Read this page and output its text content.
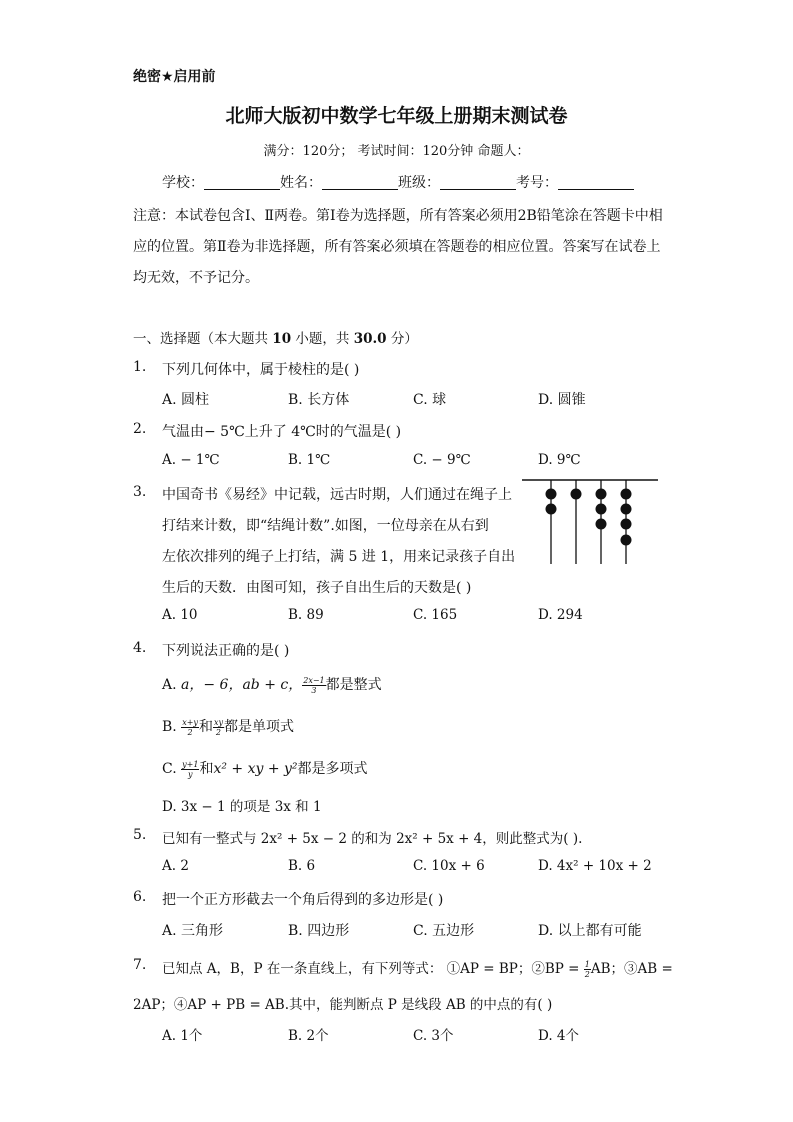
绝密★启用前
北师大版初中数学七年级上册期末测试卷
满分：120分； 考试时间：120分钟 命题人：
学校：	姓名：	班级：	考号：
注意：本试卷包含Ⅰ、Ⅱ两卷。第Ⅰ卷为选择题，所有答案必须用2B铅笔涂在答题卡中相应的位置。第Ⅱ卷为非选择题，所有答案必须填在答题卷的相应位置。答案写在试卷上均无效，不予记分。
一、选择题（本大题共 10 小题，共 30.0 分）
1. 下列几何体中，属于棱柱的是( )
A. 圆柱	B. 长方体	C. 球	D. 圆锥
2. 气温由− 5℃上升了 4℃时的气温是( )
A. − 1℃	B. 1℃	C. − 9℃	D. 9℃
3. 中国奇书《易经》中记载，远古时期，人们通过在绳子上
打结来计数，即“结绳计数”.如图，一位母亲在从右到
左依次排列的绳子上打结，满 5 进 1，用来记录孩子自出
生后的天数．由图可知，孩子自出生后的天数是( )
A. 10	B. 89	C. 165	D. 294
4. 下列说法正确的是( )
A. a，− 6，ab + c， $\frac{2x-1}{3}$ 都是整式
B. $\frac{x+y}{2}$ 和 $\frac{xy}{2}$ 都是单项式
C. $\frac{y+1}{y}$ 和x² + xy + y²都是多项式
D. 3x − 1 的项是 3x 和 1
5. 已知有一整式与 2x² + 5x − 2 的和为 2x² + 5x + 4，则此整式为( ).
A. 2	B. 6	C. 10x + 6	D. 4x² + 10x + 2
6. 把一个正方形截去一个角后得到的多边形是( )
A. 三角形	B. 四边形	C. 五边形	D. 以上都有可能
7. 已知点 A，B，P 在一条直线上，有下列等式： ①AP = BP；②BP = $\frac{1}{2}$ AB；③AB =
2AP；④AP + PB = AB.其中，能判断点 P 是线段 AB 的中点的有( )
A. 1个	B. 2个	C. 3个	D. 4个
